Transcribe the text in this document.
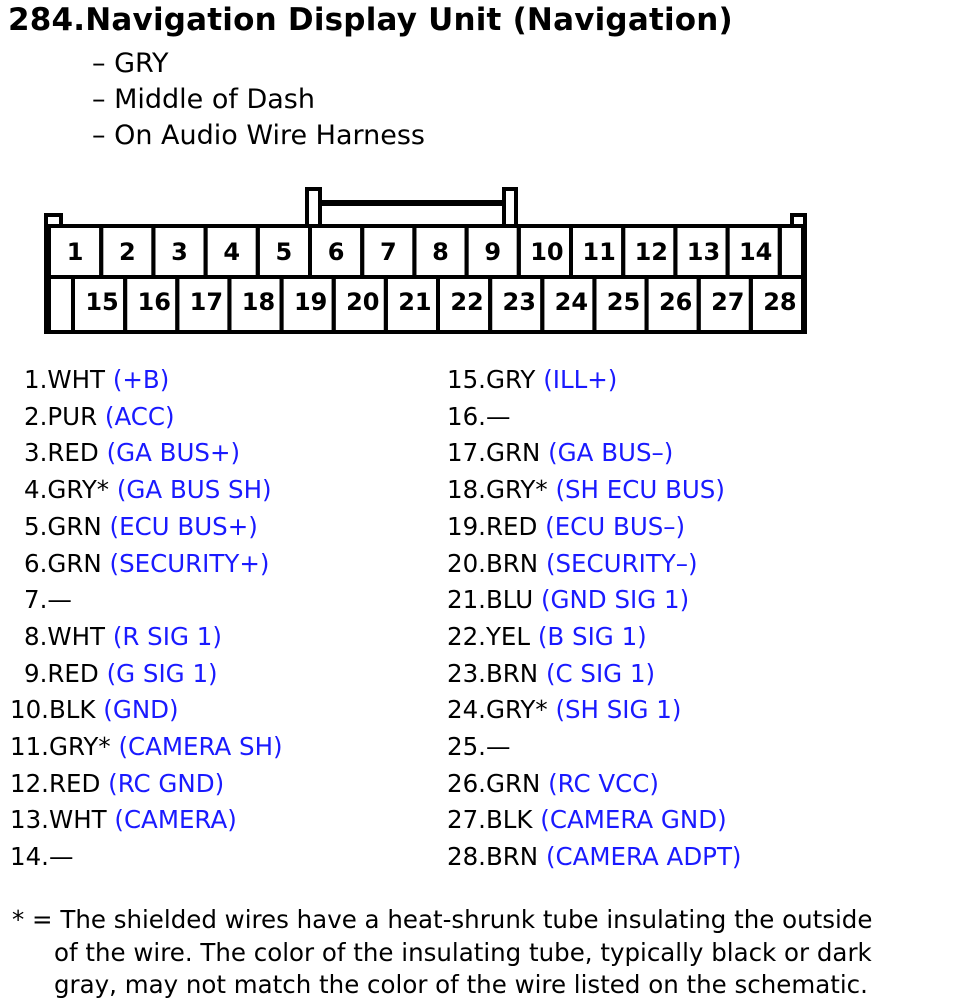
284.Navigation Display Unit (Navigation)
– GRY
– Middle of Dash
– On Audio Wire Harness
1 2 3 4 5 6 7 8 9 10 11 12 13 14
15 16 17 18 19 20 21 22 23 24 25 26 27 28
1.WHT (+B)
2.PUR (ACC)
3.RED (GA BUS+)
4.GRY* (GA BUS SH)
5.GRN (ECU BUS+)
6.GRN (SECURITY+)
7.—
8.WHT (R SIG 1)
9.RED (G SIG 1)
10.BLK (GND)
11.GRY* (CAMERA SH)
12.RED (RC GND)
13.WHT (CAMERA)
14.—
15.GRY (ILL+)
16.—
17.GRN (GA BUS–)
18.GRY* (SH ECU BUS)
19.RED (ECU BUS–)
20.BRN (SECURITY–)
21.BLU (GND SIG 1)
22.YEL (B SIG 1)
23.BRN (C SIG 1)
24.GRY* (SH SIG 1)
25.—
26.GRN (RC VCC)
27.BLK (CAMERA GND)
28.BRN (CAMERA ADPT)
* = The shielded wires have a heat-shrunk tube insulating the outside
of the wire. The color of the insulating tube, typically black or dark
gray, may not match the color of the wire listed on the schematic.
